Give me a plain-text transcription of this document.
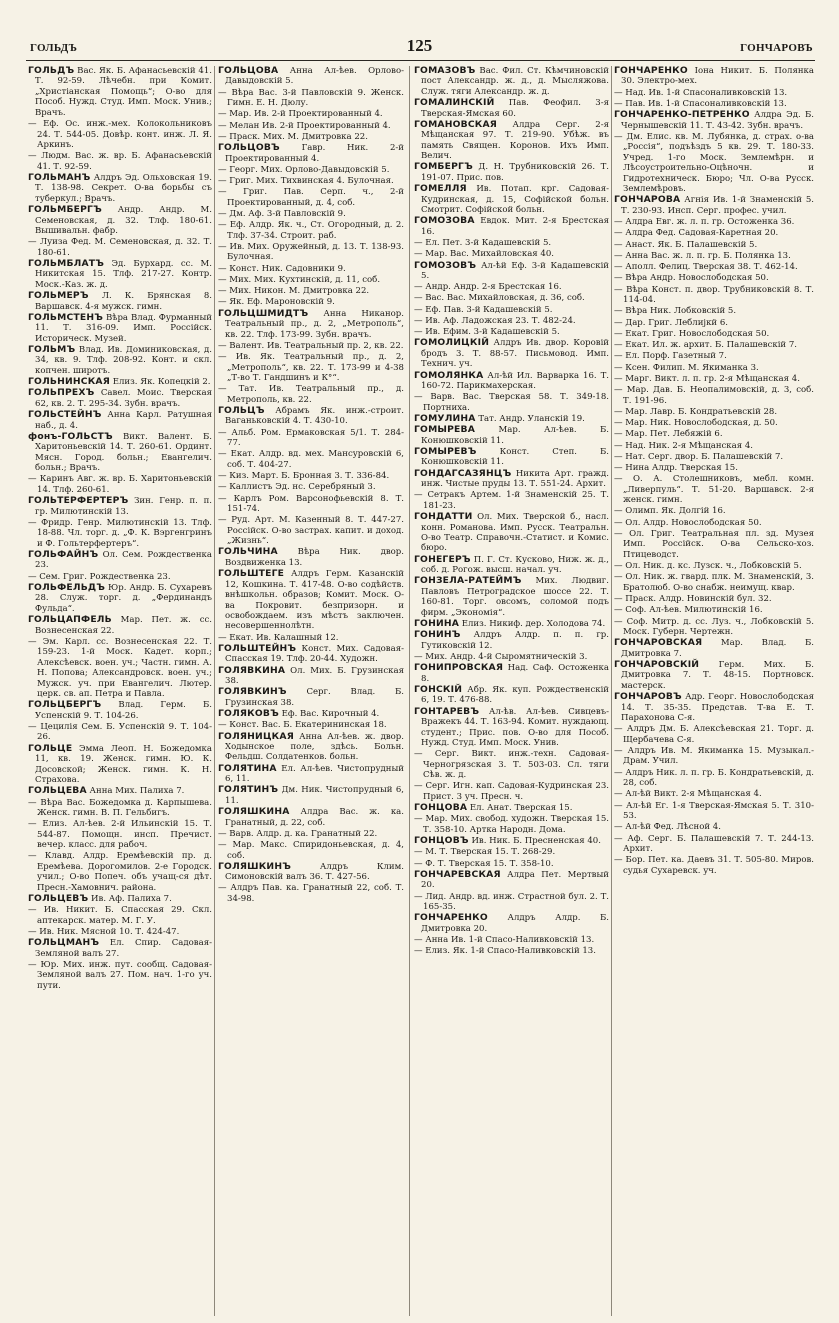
ГОЛЬДЪ	125	ГОНЧАРОВЪ
ГОЛЬДЪ Вас. Як. Б. Афанасьевскій 41. Т. 92-59. Лѣчебн. при Комит. „Христіанская Помощь“; О-во для Пособ. Нужд. Студ. Имп. Моск. Унив.; Врачъ.
— Еф. Ос. инж.-мех. Колокольниковъ 24. Т. 544-05. Довѣр. конт. инж. Л. Я. Аркинъ.
— Людм. Вас. ж. вр. Б. Афанасьевскій 41. Т. 92-59.
ГОЛЬМАНЪ Алдръ Эд. Ольховская 19. Т. 138-98. Секрет. О-ва борьбы съ туберкул.; Врачъ.
ГОЛЬМБЕРГЪ Андр. Андр. М. Семеновская, д. 32. Тлф. 180-61. Вышивальн. фабр.
— Луиза Фед. М. Семеновская, д. 32. Т. 180-61.
ГОЛЬМБЛАТЪ Эд. Бурхард. сс. М. Никитская 15. Тлф. 217-27. Контр. Моск.-Каз. ж. д.
ГОЛЬМЕРЪ Л. К. Брянская 8. Варшавск. 4-я мужск. гимн.
ГОЛЬМСТЕНЪ Вѣра Влад. Фурманный 11. Т. 316-09. Имп. Россійск. Историческ. Музей.
ГОЛЬМЪ Влад. Ив. Доминиковская, д. 34, кв. 9. Тлф. 208-92. Конт. и скл. копчен. широтъ.
ГОЛЬНИНСКАЯ Елиз. Як. Копецкій 2.
ГОЛЬПРЕХЪ Савел. Моис. Тверская 62, кв. 2. Т. 295-34. Зубн. врачъ.
ГОЛЬСТЕЙНЪ Анна Карл. Ратушная наб., д. 4.
фонъ-ГОЛЬСТЪ Викт. Валент. Б. Харитоньевскій 14. Т. 260-61. Ординт. Мясн. Город. больн.; Евангелич. больн.; Врачъ.
— Каринъ Авг. ж. вр. Б. Харитоньевскій 14. Тлф. 260-61.
ГОЛЬТЕРФЕРТЕРЪ Зин. Генр. п. п. гр. Милютинскій 13.
— Фридр. Генр. Милютинскій 13. Тлф. 18-88. Чл. торг. д. „Ф. К. Вэргенгринъ и Ф. Гольтерфертеръ“.
ГОЛЬФАЙНЪ Ол. Сем. Рождественка 23.
— Сем. Григ. Рождественка 23.
ГОЛЬФЕЛЬДЪ Юр. Андр. Б. Сухаревъ 28. Служ. торг. д. „Фердинандъ Фульда“.
ГОЛЬЦАПФЕЛЬ Мар. Пет. ж. сс. Вознесенская 22.
— Эм. Карл. сс. Вознесенская 22. Т. 159-23. 1-й Моск. Кадет. корп.; Алексѣевск. воен. уч.; Частн. гимн. А. Н. Попова; Александровск. воен. уч.; Мужск. уч. при Евангелич. Лютер. церк. св. ап. Петра и Павла.
ГОЛЬЦБЕРГЪ Влад. Герм. Б. Успенскій 9. Т. 104-26.
— Цецилія Сем. Б. Успенскій 9. Т. 104-26.
ГОЛЬЦЕ Эмма Леоп. Н. Божедомка 11, кв. 19. Женск. гимн. Ю. К. Досовской; Женск. гимн. К. Н. Страхова.
ГОЛЬЦЕВА Анна Мих. Палиха 7.
— Вѣра Вас. Божедомка д. Карпышева. Женск. гимн. В. П. Гельбигъ.
— Елиз. Ал-ѣев. 2-й Ильинскій 15. Т. 544-87. Помощн. инсп. Пречист. вечер. класс. для рабоч.
— Клавд. Алдр. Еремѣевскій пр. д. Еремѣева. Дорогомилов. 2-е Городск. учил.; О-во Попеч. объ учащ-ся дѣт. Пресн.-Хамовнич. района.
ГОЛЬЦЕВЪ Ив. Аф. Палиха 7.
— Ив. Никит. Б. Спасская 29. Скл. аптекарск. матер. М. Г. У.
— Ив. Ник. Мясной 10. Т. 424-47.
ГОЛЬЦМАНЪ Ел. Спир. Садовая-Земляной валъ 27.
— Юр. Мих. инж. пут. сообщ. Садовая-Земляной валъ 27. Пом. нач. 1-го уч. пути.
ГОЛЬЦОВА Анна Ал-ѣев. Орлово-Давыдовскій 5.
— Вѣра Вас. 3-й Павловскій 9. Женск. Гимн. Е. Н. Дюлу.
— Мар. Ив. 2-й Проектированный 4.
— Мелан Ив. 2-й Проектированный 4.
— Праск. Мих. М. Дмитровка 22.
ГОЛЬЦОВЪ Гавр. Ник. 2-й Проектированный 4.
— Георг. Мих. Орлово-Давыдовскій 5.
— Григ. Мих. Тихвинская 4. Булочная.
— Григ. Пав. Серп. ч., 2-й Проектированный, д. 4, соб.
— Дм. Аф. 3-й Павловскій 9.
— Еф. Алдр. Як. ч., Ст. Огородный, д. 2. Тлф. 37-34. Строит. раб.
— Ив. Мих. Оружейный, д. 13. Т. 138-93. Булочная.
— Конст. Ник. Садовники 9.
— Мих. Мих. Кухтинскій, д. 11, соб.
— Мих. Никон. М. Дмитровка 22.
— Як. Еф. Мароновскій 9.
ГОЛЬЦШМИДТЪ Анна Никанор. Театральный пр., д. 2, „Метрополь“, кв. 22. Тлф. 173-99. Зубн. врачъ.
— Валент. Ив. Театральный пр. 2, кв. 22.
— Ив. Як. Театральный пр., д. 2, „Метрополь“, кв. 22. Т. 173-99 и 4-38 „Т-во Т. Гандшинъ и К°“.
— Тат. Ив. Театральный пр., д. Метрополь, кв. 22.
ГОЛЬЦЪ Абрамъ Як. инж.-строит. Ваганьковскій 4. Т. 430-10.
— Альб. Ром. Ермаковская 5/1. Т. 284-77.
— Екат. Алдр. вд. мех. Мансуровскій 6, соб. Т. 404-27.
— Киз. Март. Б. Бронная 3. Т. 336-84.
— Каллистъ Эд. нс. Серебряный 3.
— Карлъ Ром. Варсонофьевскій 8. Т. 151-74.
— Руд. Арт. М. Казенный 8. Т. 447-27. Россійск. О-во застрах. капит. и доход. „Жизнь“.
ГОЛЬЧИНА Вѣра Ник. двор. Воздвиженка 13.
ГОЛЬШТЕГЕ Алдръ Герм. Казанскій 12, Кошкина. Т. 417-48. О-во содѣйств. внѣшкольн. образов; Комит. Моск. О-ва Покровит. безпризорн. и освобождаем. изъ мѣстъ заключен. несовершеннолѣтн.
— Екат. Ив. Калашный 12.
ГОЛЬШТЕЙНЪ Конст. Мих. Садовая-Спасская 19. Тлф. 20-44. Художн.
ГОЛЯВКИНА Ол. Мих. Б. Грузинская 38.
ГОЛЯВКИНЪ Серг. Влад. Б. Грузинская 38.
ГОЛЯКОВЪ Еф. Вас. Кирочный 4.
— Конст. Вас. Б. Екатерининская 18.
ГОЛЯНИЦКАЯ Анна Ал-ѣев. ж. двор. Ходынское поле, здѣсь. Больн. Фельдш. Солдатенков. больн.
ГОЛЯТИНА Ел. Ал-ѣев. Чистопрудный 6, 11.
ГОЛЯТИНЪ Дм. Ник. Чистопрудный 6, 11.
ГОЛЯШКИНА Алдра Вас. ж. ка. Гранатный, д. 22, соб.
— Варв. Алдр. д. ка. Гранатный 22.
— Мар. Макс. Спиридоньевская, д. 4, соб.
ГОЛЯШКИНЪ Алдръ Клим. Симоновскій валъ 36. Т. 427-56.
— Алдръ Пав. ка. Гранатный 22, соб. Т. 34-98.
ГОМАЗОВЪ Вас. Фил. Ст. Кѣмчиновскій пост Александр. ж. д., д. Мысляжова. Служ. тяги Александр. ж. д.
ГОМАЛИНСКІЙ Пав. Феофил. 3-я Тверская-Ямская 60.
ГОМАНОВСКАЯ Алдра Серг. 2-я Мѣщанская 97. Т. 219-90. Убѣж. въ память Священ. Коронов. Ихъ Имп. Велич.
ГОМБЕРГЪ Д. Н. Трубниковскій 26. Т. 191-07. Прис. пов.
ГОМЕЛЛЯ Ив. Потап. крг. Садовая-Кудринская, д. 15, Софійской больн. Смотрит. Софійской больн.
ГОМОЗОВА Евдок. Мит. 2-я Брестская 16.
— Ел. Пет. 3-й Кадашевскій 5.
— Мар. Вас. Михайловская 40.
ГОМОЗОВЪ Ал-ѣй Еф. 3-й Кадашевскій 5.
— Андр. Андр. 2-я Брестская 16.
— Вас. Вас. Михайловская, д. 36, соб.
— Еф. Пав. 3-й Кадашевскій 5.
— Ив. Аф. Ладожская 23. Т. 482-24.
— Ив. Ефим. 3-й Кадашевскій 5.
ГОМОЛИЦКІЙ Алдръ Ив. двор. Коровій бродъ 3. Т. 88-57. Письмовод. Имп. Технич. уч.
ГОМОЛЯНКА Ал-ѣй Ил. Варварка 16. Т. 160-72. Парикмахерская.
— Варв. Вас. Тверская 58. Т. 349-18. Портниха.
ГОМУЛИНА Тат. Андр. Уланскій 19.
ГОМЫРЕВА Мар. Ал-ѣев. Б. Конюшковскій 11.
ГОМЫРЕВЪ Конст. Степ. Б. Конюшковскій 11.
ГОНДАГСАЗЯНЦЪ Никита Арт. гражд. инж. Чистые пруды 13. Т. 551-24. Архит.
— Сетракъ Артем. 1-й Знаменскій 25. Т. 181-23.
ГОНДАТТИ Ол. Мих. Тверской б., насл. конн. Романова. Имп. Русск. Театральн. О-во Театр. Справочн.-Статист. и Комис. бюро.
ГОНЕГЕРЪ П. Г. Ст. Кусково, Ниж. ж. д., соб. д. Рогож. высш. начал. уч.
ГОНЗЕЛА-РАТЕЙМЪ Мих. Людвиг. Павловъ Петроградское шоссе 22. Т. 160-81. Торг. овсомъ, соломой подъ фирм. „Экономія“.
ГОНИНА Елиз. Никиф. дер. Холодова 74.
ГОНИНЪ Алдръ Алдр. п. п. гр. Гутиковскій 12.
— Мих. Андр. 4-й Сыромятническій 3.
ГОНИПРОВСКАЯ Над. Саф. Остоженка 8.
ГОНСКІЙ Абр. Як. куп. Рождественскій 6, 19. Т. 476-88.
ГОНТАРЕВЪ Ал-ѣв. Ал-ѣев. Сивцевъ-Вражекъ 44. Т. 163-94. Комит. нуждающ. студент.; Прис. пов. О-во для Пособ. Нужд. Студ. Имп. Моск. Унив.
— Серг. Викт. инж.-техн. Садовая-Черногрязская 3. Т. 503-03. Сл. тяги Сѣв. ж. д.
— Серг. Игн. кап. Садовая-Кудринская 23. Прист. 3 уч. Пресн. ч.
ГОНЦОВА Ел. Анат. Тверская 15.
— Мар. Мих. свобод. художн. Тверская 15. Т. 358-10. Артка Народн. Дома.
ГОНЦОВЪ Ив. Ник. Б. Пресненская 40.
— М. Т. Тверская 15. Т. 268-29.
— Ф. Т. Тверская 15. Т. 358-10.
ГОНЧАРЕВСКАЯ Алдра Пет. Мертвый 20.
— Лид. Андр. вд. инж. Страстной бул. 2. Т. 165-35.
ГОНЧАРЕНКО Алдръ Алдр. Б. Дмитровка 20.
— Анна Ив. 1-й Спасо-Наливковскій 13.
— Елиз. Як. 1-й Спасо-Наливковскій 13.
ГОНЧАРЕНКО Іона Никит. Б. Полянка 30. Электро-мех.
— Над. Ив. 1-й Спасоналивковскій 13.
— Пав. Ив. 1-й Спасоналивковскій 13.
ГОНЧАРЕНКО-ПЕТРЕНКО Алдра Эд. Б. Чернышевскій 11. Т. 43-42. Зубн. врачъ.
— Дм. Елис. кв. М. Лубянка, д. страх. о-ва „Россія“, подъѣздъ 5 кв. 29. Т. 180-33. Учред. 1-го Моск. Землемѣрн. и Лѣсоустроительно-Оцѣночн. и Гидротехническ. Бюро; Чл. О-ва Русск. Землемѣровъ.
ГОНЧАРОВА Агнія Ив. 1-й Знаменскій 5. Т. 230-93. Инсп. Серг. профес. учил.
— Алдра Евг. ж. л. п. гр. Остоженка 36.
— Алдра Фед. Садовая-Каретная 20.
— Анаст. Як. Б. Палашевскій 5.
— Анна Вас. ж. л. п. гр. Б. Полянка 13.
— Аполл. Фелиц. Тверская 38. Т. 462-14.
— Вѣра Андр. Новослободская 50.
— Вѣра Конст. п. двор. Трубниковскій 8. Т. 114-04.
— Вѣра Ник. Лобковскій 5.
— Дар. Григ. Леблиjкй 6.
— Екат. Григ. Новослободская 50.
— Екат. Ил. ж. архит. Б. Палашевскій 7.
— Ел. Порф. Газетный 7.
— Ксен. Филип. М. Якиманка 3.
— Марг. Викт. л. п. гр. 2-я Мѣщанская 4.
— Мар. Дав. Б. Неопалимовскій, д. 3, соб. Т. 191-96.
— Мар. Лавр. Б. Кондратьевскій 28.
— Мар. Ник. Новослободская, д. 50.
— Мар. Пет. Лебяжій 6.
— Над. Ник. 2-я Мѣщанская 4.
— Нат. Серг. двор. Б. Палашевскій 7.
— Нина Алдр. Тверская 15.
— О. А. Столешниковъ, мебл. комн. „Ливерпуль“. Т. 51-20. Варшавск. 2-я женск. гимн.
— Олимп. Як. Долгій 16.
— Ол. Алдр. Новослободская 50.
— Ол. Григ. Театральная пл. зд. Музея Имп. Россійск. О-ва Сельско-хоз. Птицеводст.
— Ол. Ник. д. кс. Лузск. ч., Лобковскій 5.
— Ол. Ник. ж. гвард. плк. М. Знаменскій, 3. Братолюб. О-во снабж. неимущ. квар.
— Праск. Алдр. Новинскій бул. 32.
— Соф. Ал-ѣев. Милютинскій 16.
— Соф. Митр. д. сс. Луз. ч., Лобковскій 5. Моск. Губерн. Чертежн.
ГОНЧАРОВСКАЯ Мар. Влад. Б. Дмитровка 7.
ГОНЧАРОВСКІЙ Герм. Мих. Б. Дмитровка 7. Т. 48-15. Портновск. мастерск.
ГОНЧАРОВЪ Адр. Георг. Новослободская 14. Т. 35-35. Представ. Т-ва Е. Т. Парахонова С-я.
— Алдръ Дм. Б. Алексѣевская 21. Торг. д. Щербачева С-я.
— Алдръ Ив. М. Якиманка 15. Музыкал.-Драм. Учил.
— Алдръ Ник. л. п. гр. Б. Кондратьевскій, д. 28, соб.
— Ал-ѣй Викт. 2-я Мѣщанская 4.
— Ал-ѣй Ег. 1-я Тверская-Ямская 5. Т. 310-53.
— Ал-ѣй Фед. Лѣсной 4.
— Аф. Серг. Б. Палашевскій 7. Т. 244-13. Архит.
— Бор. Пет. ка. Дaевъ 31. Т. 505-80. Миров. судья Сухаревск. уч.
